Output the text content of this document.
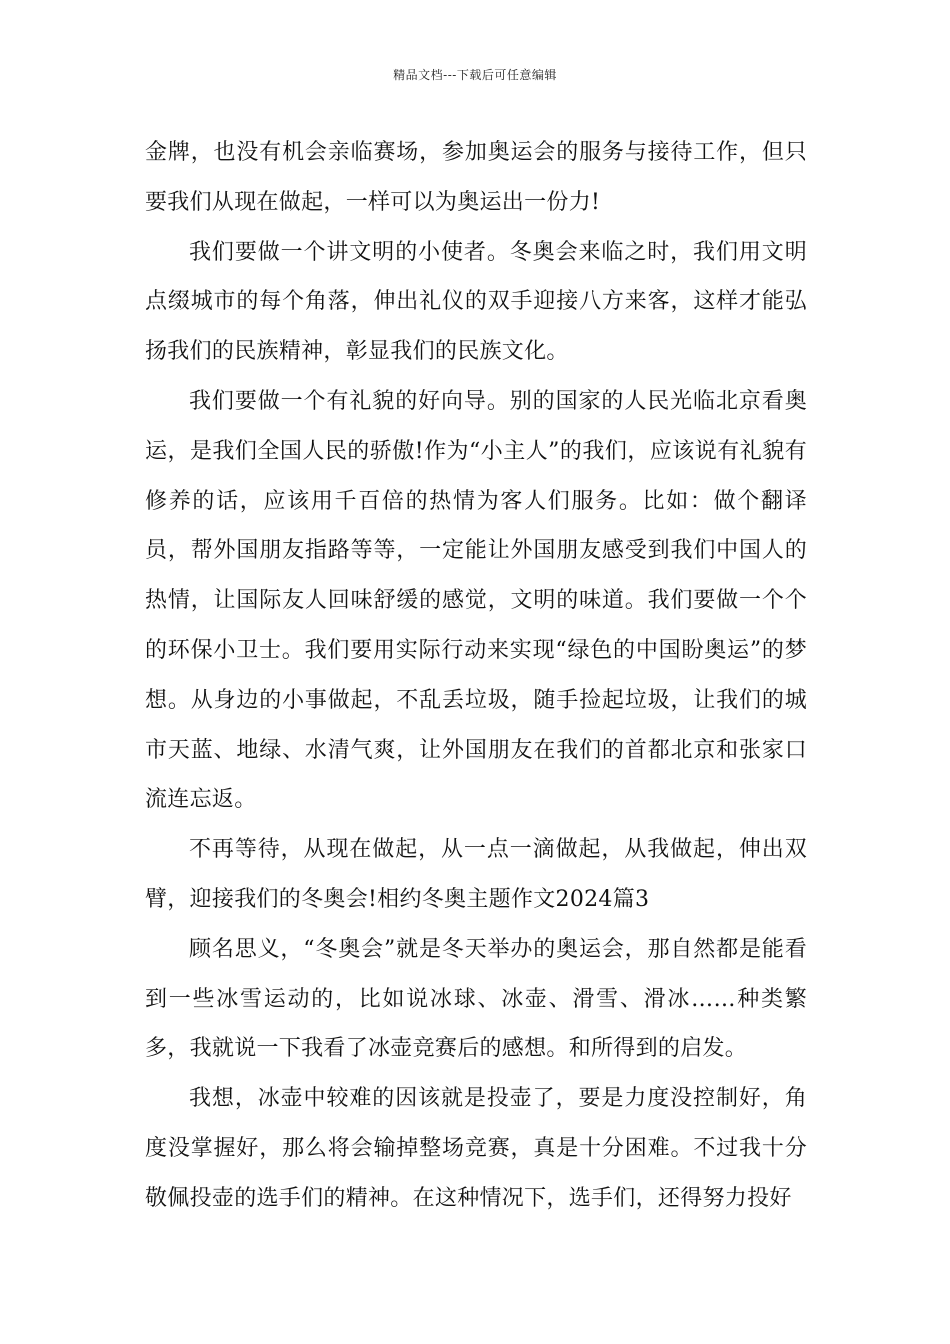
精品文档---下载后可任意编辑

金牌，也没有机会亲临赛场，参加奥运会的服务与接待工作，但只要我们从现在做起，一样可以为奥运出一份力!

我们要做一个讲文明的小使者。冬奥会来临之时，我们用文明点缀城市的每个角落，伸出礼仪的双手迎接八方来客，这样才能弘扬我们的民族精神，彰显我们的民族文化。

我们要做一个有礼貌的好向导。别的国家的人民光临北京看奥运，是我们全国人民的骄傲!作为“小主人”的我们，应该说有礼貌有修养的话，应该用千百倍的热情为客人们服务。比如：做个翻译员，帮外国朋友指路等等，一定能让外国朋友感受到我们中国人的热情，让国际友人回味舒缓的感觉，文明的味道。我们要做一个个的环保小卫士。我们要用实际行动来实现“绿色的中国盼奥运”的梦想。从身边的小事做起，不乱丢垃圾，随手捡起垃圾，让我们的城市天蓝、地绿、水清气爽，让外国朋友在我们的首都北京和张家口流连忘返。

不再等待，从现在做起，从一点一滴做起，从我做起，伸出双臂，迎接我们的冬奥会!相约冬奥主题作文2024篇3

顾名思义，“冬奥会”就是冬天举办的奥运会，那自然都是能看到一些冰雪运动的，比如说冰球、冰壶、滑雪、滑冰……种类繁多，我就说一下我看了冰壶竞赛后的感想。和所得到的启发。

我想，冰壶中较难的因该就是投壶了，要是力度没控制好，角度没掌握好，那么将会输掉整场竞赛，真是十分困难。不过我十分敬佩投壶的选手们的精神。在这种情况下，选手们，还得努力投好
